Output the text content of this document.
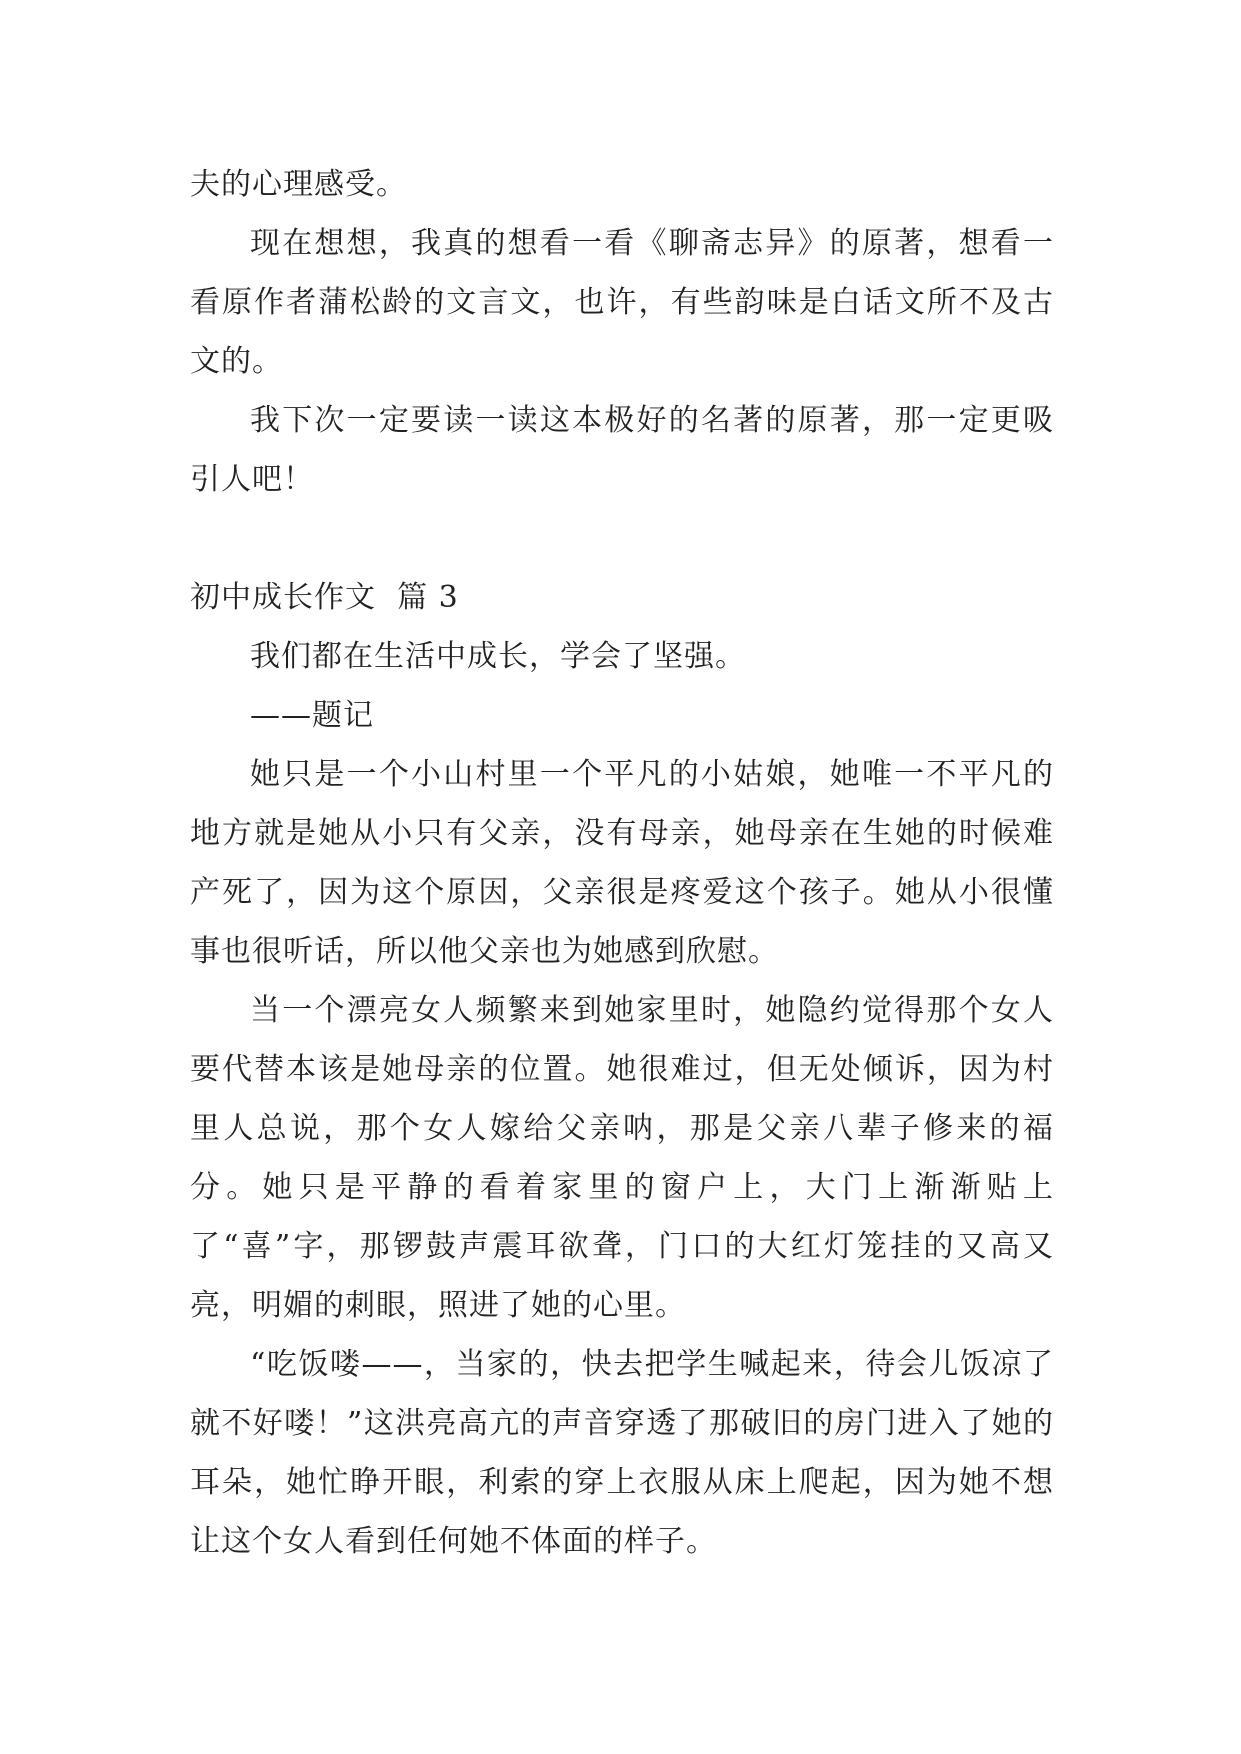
夫的心理感受。

现在想想，我真的想看一看《聊斋志异》的原著，想看一看原作者蒲松龄的文言文，也许，有些韵味是白话文所不及古文的。

我下次一定要读一读这本极好的名著的原著，那一定更吸引人吧！

初中成长作文  篇 3

我们都在生活中成长，学会了坚强。

——题记

她只是一个小山村里一个平凡的小姑娘，她唯一不平凡的地方就是她从小只有父亲，没有母亲，她母亲在生她的时候难产死了，因为这个原因，父亲很是疼爱这个孩子。她从小很懂事也很听话，所以他父亲也为她感到欣慰。

当一个漂亮女人频繁来到她家里时，她隐约觉得那个女人要代替本该是她母亲的位置。她很难过，但无处倾诉，因为村里人总说，那个女人嫁给父亲呐，那是父亲八辈子修来的福分。她只是平静的看着家里的窗户上，大门上渐渐贴上了“喜”字，那锣鼓声震耳欲聋，门口的大红灯笼挂的又高又亮，明媚的刺眼，照进了她的心里。

“吃饭喽——，当家的，快去把学生喊起来，待会儿饭凉了就不好喽！”这洪亮高亢的声音穿透了那破旧的房门进入了她的耳朵，她忙睁开眼，利索的穿上衣服从床上爬起，因为她不想让这个女人看到任何她不体面的样子。
